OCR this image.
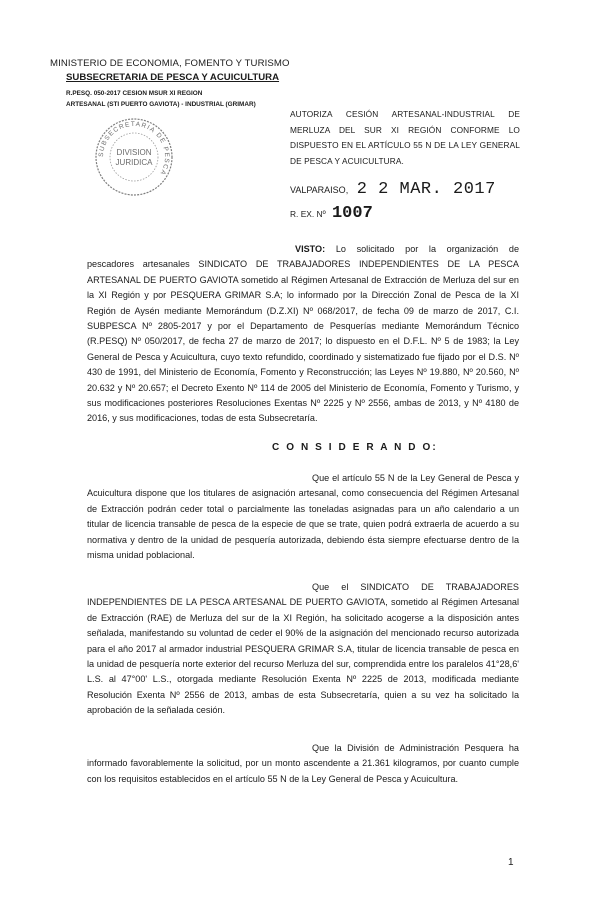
MINISTERIO DE ECONOMIA, FOMENTO Y TURISMO
SUBSECRETARIA DE PESCA Y ACUICULTURA
R.PESQ. 050-2017 CESION MSUR XI REGION
ARTESANAL (STI PUERTO GAVIOTA) - INDUSTRIAL (GRIMAR)
SUBSECRETARIA DE PESCA
DIVISION
JURIDICA
AUTORIZA CESIÓN ARTESANAL-INDUSTRIAL DE MERLUZA DEL SUR XI REGIÓN CONFORME LO DISPUESTO EN EL ARTÍCULO 55 N DE LA LEY GENERAL DE PESCA Y ACUICULTURA.
VALPARAISO, 2 2 MAR. 2017
R. EX. Nº 1007
VISTO: Lo solicitado por la organización de pescadores artesanales SINDICATO DE TRABAJADORES INDEPENDIENTES DE LA PESCA ARTESANAL DE PUERTO GAVIOTA sometido al Régimen Artesanal de Extracción de Merluza del sur en la XI Región y por PESQUERA GRIMAR S.A; lo informado por la Dirección Zonal de Pesca de la XI Región de Aysén mediante Memorándum (D.Z.XI) Nº 068/2017, de fecha 09 de marzo de 2017, C.I. SUBPESCA Nº 2805-2017 y por el Departamento de Pesquerías mediante Memorándum Técnico (R.PESQ) Nº 050/2017, de fecha 27 de marzo de 2017; lo dispuesto en el D.F.L. Nº 5 de 1983; la Ley General de Pesca y Acuicultura, cuyo texto refundido, coordinado y sistematizado fue fijado por el D.S. Nº 430 de 1991, del Ministerio de Economía, Fomento y Reconstrucción; las Leyes Nº 19.880, Nº 20.560, Nº 20.632 y Nº 20.657; el Decreto Exento Nº 114 de 2005 del Ministerio de Economía, Fomento y Turismo, y sus modificaciones posteriores Resoluciones Exentas Nº 2225 y Nº 2556, ambas de 2013, y Nº 4180 de 2016, y sus modificaciones, todas de esta Subsecretaría.
C O N S I D E R A N D O:
Que el artículo 55 N de la Ley General de Pesca y Acuicultura dispone que los titulares de asignación artesanal, como consecuencia del Régimen Artesanal de Extracción podrán ceder total o parcialmente las toneladas asignadas para un año calendario a un titular de licencia transable de pesca de la especie de que se trate, quien podrá extraerla de acuerdo a su normativa y dentro de la unidad de pesquería autorizada, debiendo ésta siempre efectuarse dentro de la misma unidad poblacional.
Que el SINDICATO DE TRABAJADORES INDEPENDIENTES DE LA PESCA ARTESANAL DE PUERTO GAVIOTA, sometido al Régimen Artesanal de Extracción (RAE) de Merluza del sur de la XI Región, ha solicitado acogerse a la disposición antes señalada, manifestando su voluntad de ceder el 90% de la asignación del mencionado recurso autorizada para el año 2017 al armador industrial PESQUERA GRIMAR S.A, titular de licencia transable de pesca en la unidad de pesquería norte exterior del recurso Merluza del sur, comprendida entre los paralelos 41°28,6' L.S. al 47°00' L.S., otorgada mediante Resolución Exenta Nº 2225 de 2013, modificada mediante Resolución Exenta Nº 2556 de 2013, ambas de esta Subsecretaría, quien a su vez ha solicitado la aprobación de la señalada cesión.
Que la División de Administración Pesquera ha informado favorablemente la solicitud, por un monto ascendente a 21.361 kilogramos, por cuanto cumple con los requisitos establecidos en el artículo 55 N de la Ley General de Pesca y Acuicultura.
1
